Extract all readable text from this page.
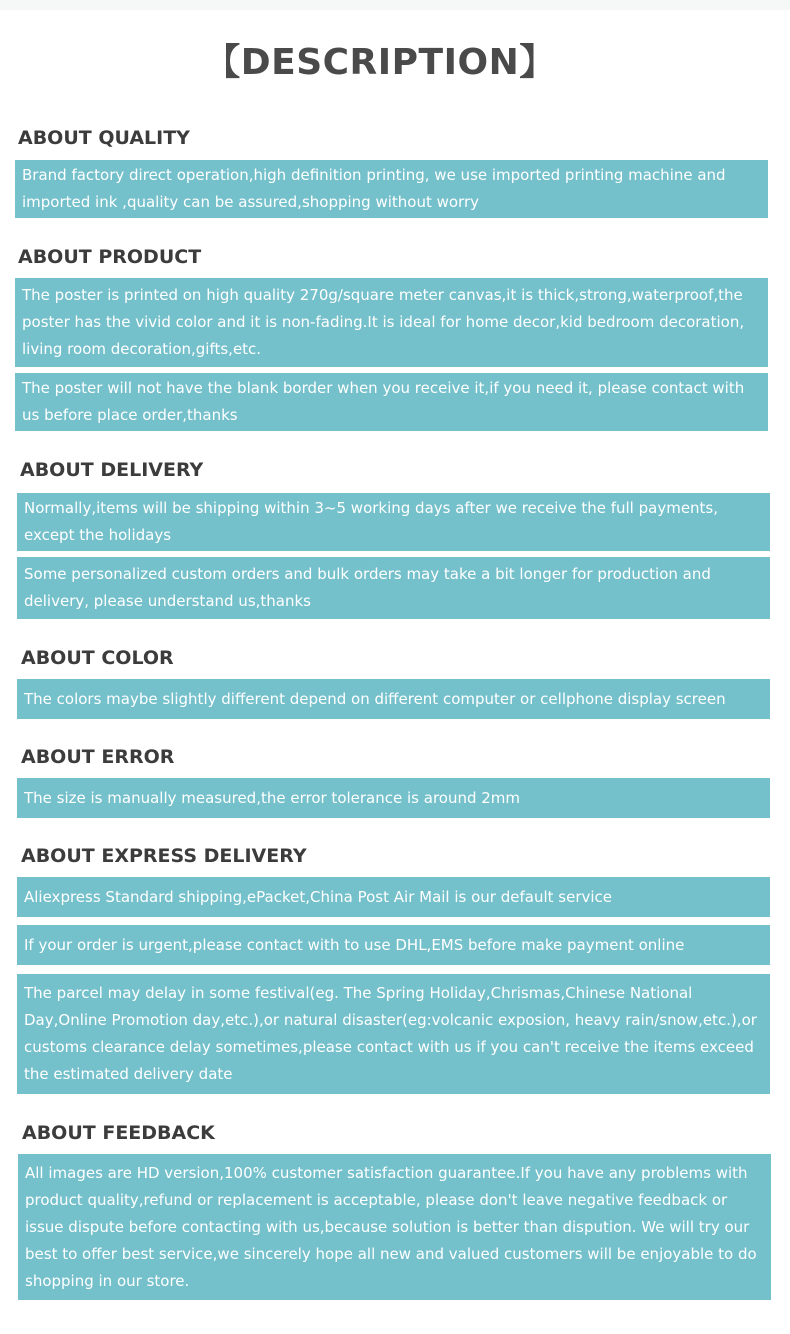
【DESCRIPTION】
ABOUT QUALITY
Brand factory direct operation,high definition printing, we use imported printing machine and imported ink ,quality can be assured,shopping without worry
ABOUT PRODUCT
The poster is printed on high quality 270g/square meter canvas,it is thick,strong,waterproof,the poster has the vivid color and it is non-fading.It is ideal for home decor,kid bedroom decoration, living room decoration,gifts,etc.
The poster will not have the blank border when you receive it,if you need it, please contact with us before place order,thanks
ABOUT DELIVERY
Normally,items will be shipping within 3~5 working days after we receive the full payments, except the holidays
Some personalized custom orders and bulk orders may take a bit longer for production and delivery, please understand us,thanks
ABOUT COLOR
The colors maybe slightly different depend on different computer or cellphone display screen
ABOUT ERROR
The size is manually measured,the error tolerance is around 2mm
ABOUT EXPRESS DELIVERY
Aliexpress Standard shipping,ePacket,China Post Air Mail is our default service
If your order is urgent,please contact with to use DHL,EMS before make payment online
The parcel may delay in some festival(eg. The Spring Holiday,Chrismas,Chinese National Day,Online Promotion day,etc.),or natural disaster(eg:volcanic exposion, heavy rain/snow,etc.),or customs clearance delay sometimes,please contact with us if you can't receive the items exceed the estimated delivery date
ABOUT FEEDBACK
All images are HD version,100% customer satisfaction guarantee.If you have any problems with product quality,refund or replacement is acceptable, please don't leave negative feedback or issue dispute before contacting with us,because solution is better than dispution. We will try our best to offer best service,we sincerely hope all new and valued customers will be enjoyable to do shopping in our store.
